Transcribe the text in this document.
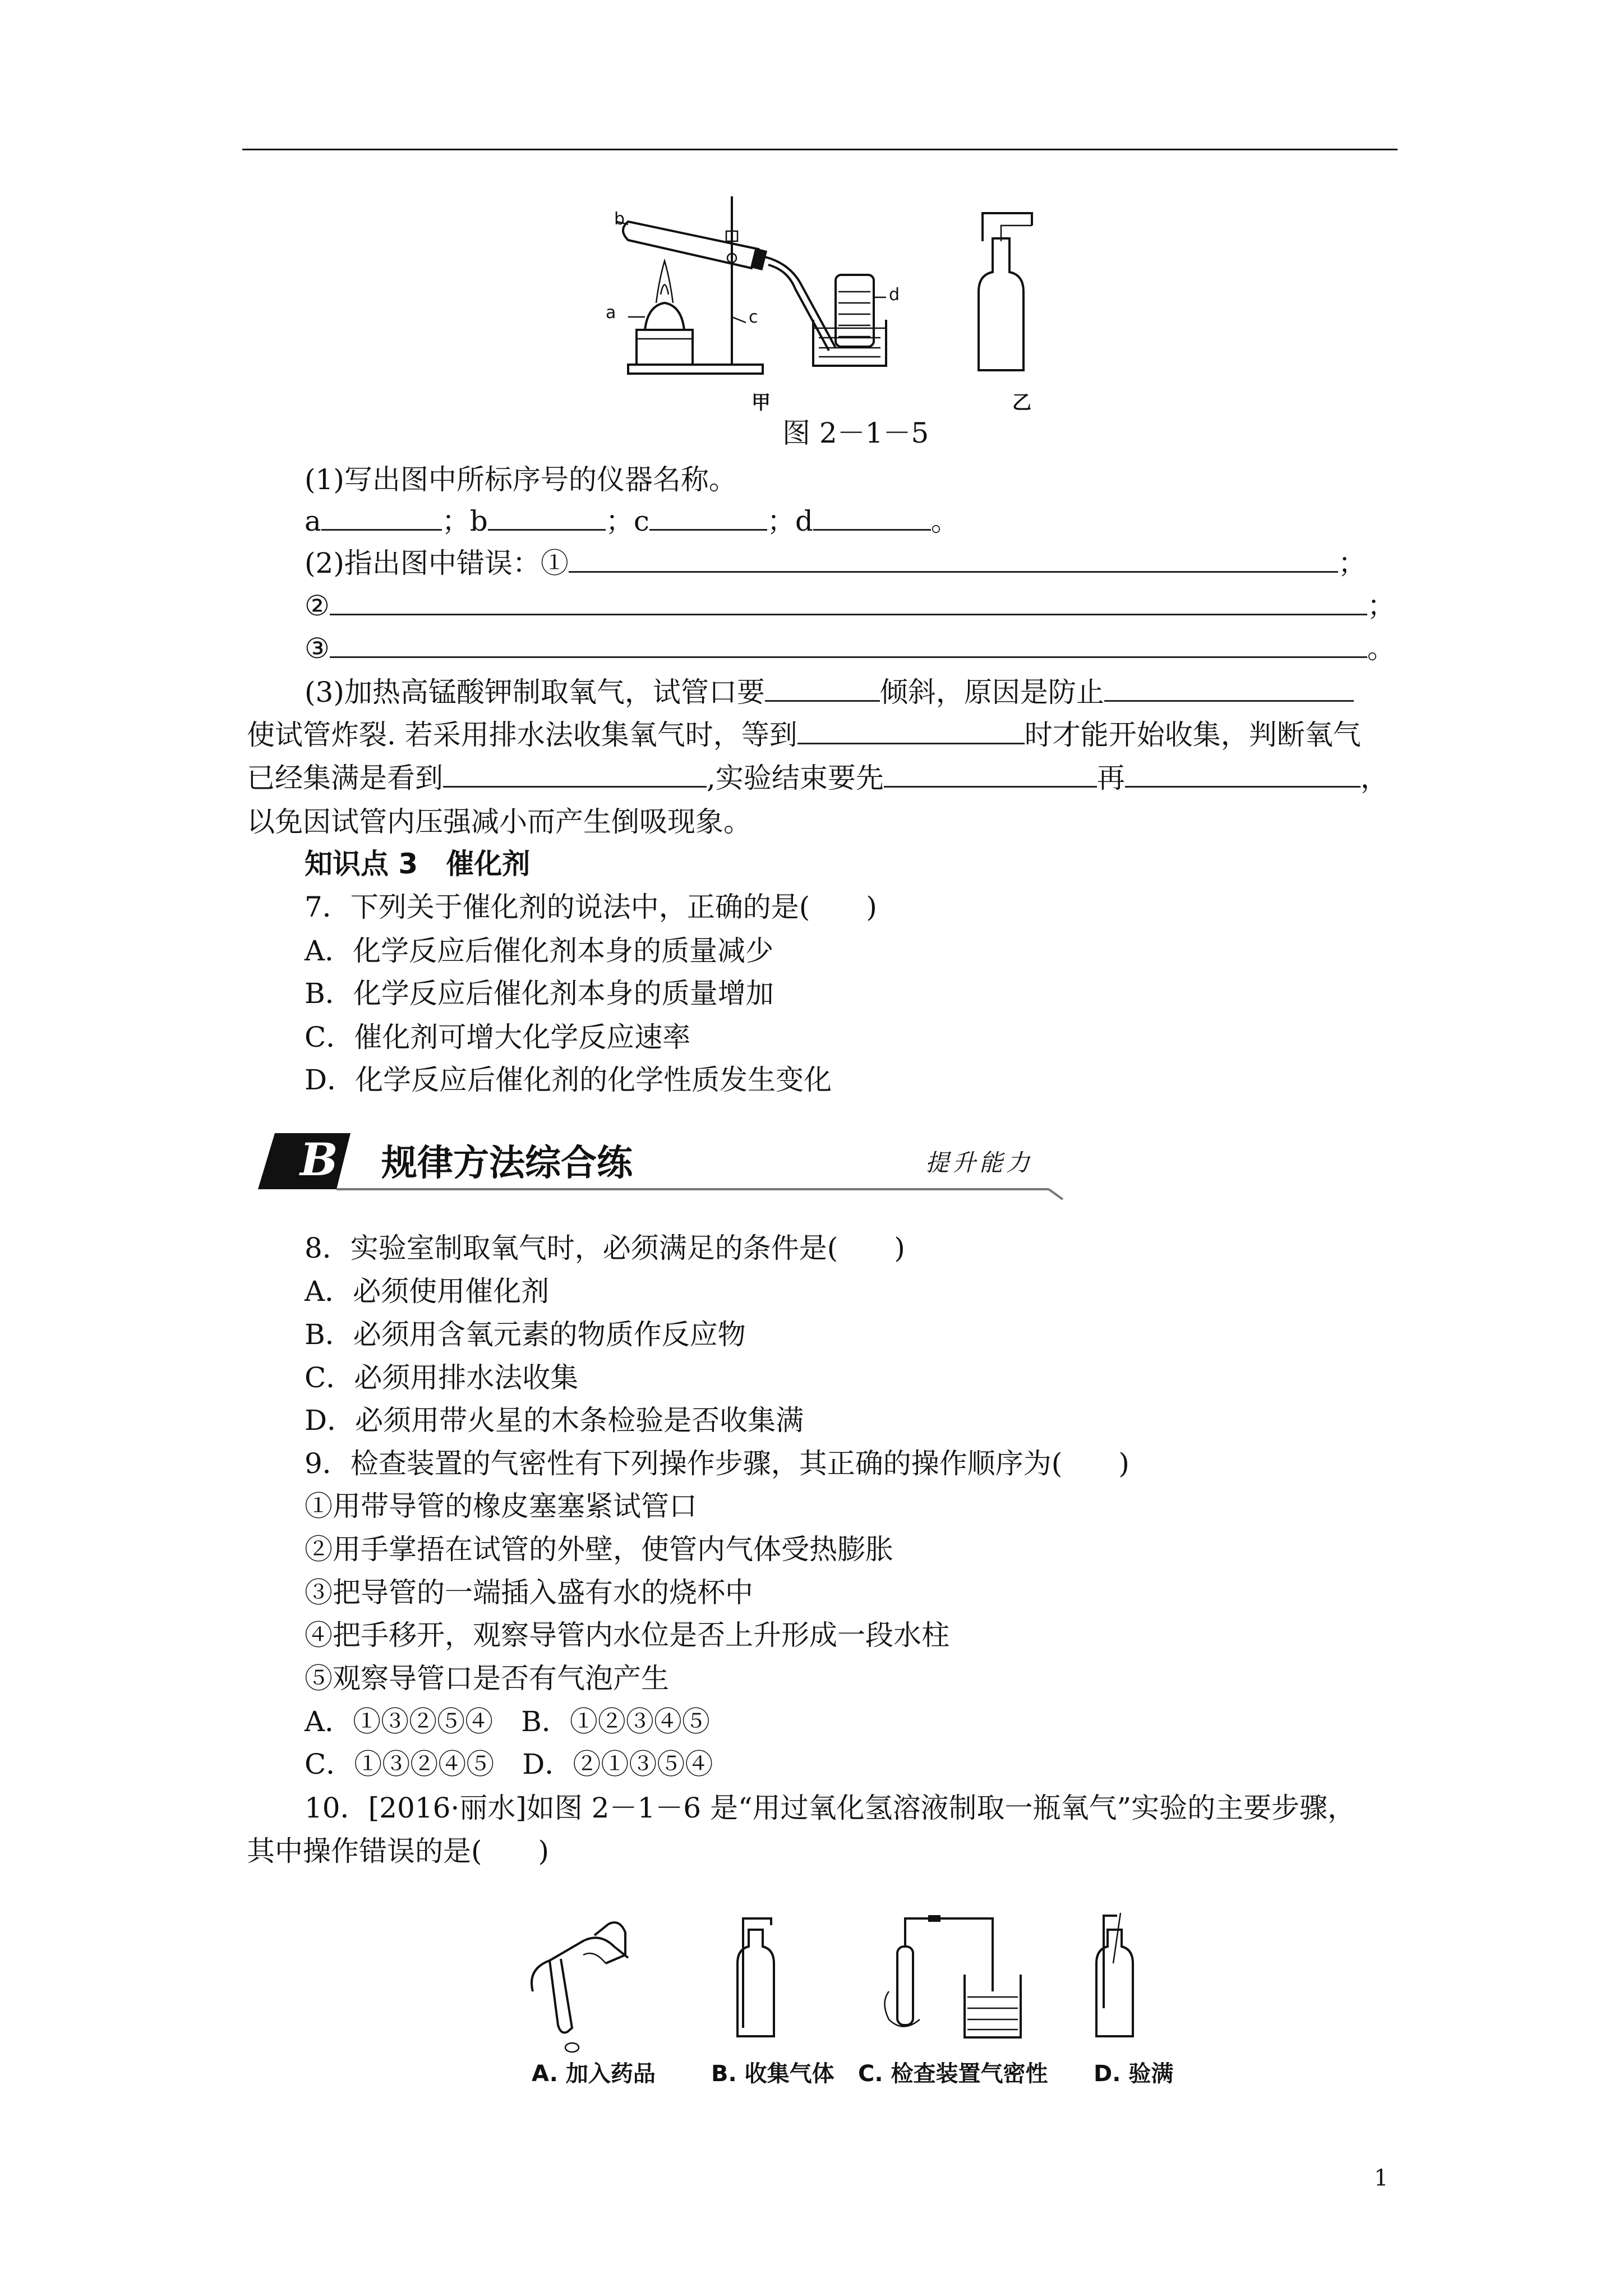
b
a	c
d
甲	乙
图 2－1－5
(1)写出图中所标序号的仪器名称。
a	；b	；c	；d	。
(2)指出图中错误：①	；
②	；
③	。
(3)加热高锰酸钾制取氧气，试管口要	倾斜，原因是防止
使试管炸裂. 若采用排水法收集氧气时，等到	时才能开始收集，判断氧气
已经集满是看到	,实验结束要先	再	，
以免因试管内压强减小而产生倒吸现象。
知识点 3　催化剂
7．下列关于催化剂的说法中，正确的是(　　)
A．化学反应后催化剂本身的质量减少
B．化学反应后催化剂本身的质量增加
C．催化剂可增大化学反应速率
D．化学反应后催化剂的化学性质发生变化
B 规律方法综合练	提升能力
8．实验室制取氧气时，必须满足的条件是(　　)
A．必须使用催化剂
B．必须用含氧元素的物质作反应物
C．必须用排水法收集
D．必须用带火星的木条检验是否收集满
9．检查装置的气密性有下列操作步骤，其正确的操作顺序为(　　)
①用带导管的橡皮塞塞紧试管口
②用手掌捂在试管的外壁，使管内气体受热膨胀
③把导管的一端插入盛有水的烧杯中
④把手移开，观察导管内水位是否上升形成一段水柱
⑤观察导管口是否有气泡产生
A．①③②⑤④　B．①②③④⑤
C．①③②④⑤　D．②①③⑤④
10．[2016·丽水]如图 2－1－6 是“用过氧化氢溶液制取一瓶氧气”实验的主要步骤，
其中操作错误的是(　　)
A. 加入药品 B. 收集气体 C. 检查装置气密性 D. 验满
1
